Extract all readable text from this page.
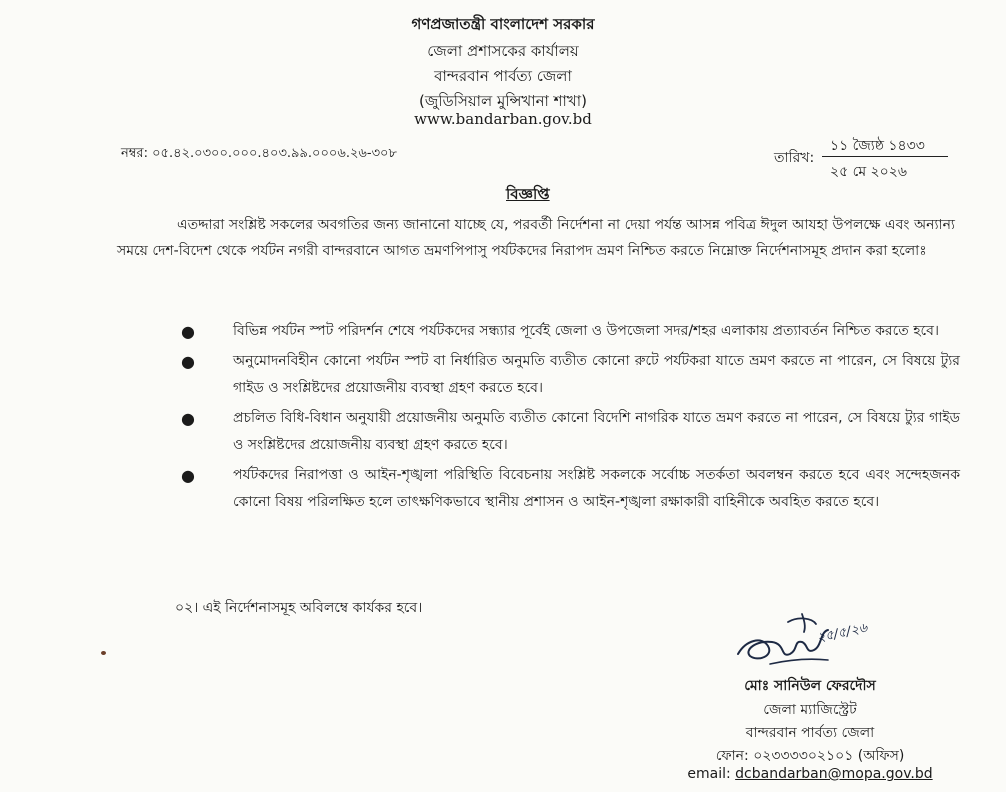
গণপ্রজাতন্ত্রী বাংলাদেশ সরকার
জেলা প্রশাসকের কার্যালয়
বান্দরবান পার্বত্য জেলা
(জুডিসিয়াল মুন্সিখানা শাখা)
www.bandarban.gov.bd
নম্বর: ০৫.৪২.০৩০০.০০০.৪০৩.৯৯.০০০৬.২৬-৩০৮	তারিখ:
১১ জ্যৈষ্ঠ ১৪৩৩
২৫ মে ২০২৬
বিজ্ঞপ্তি
এতদ্দারা সংশ্লিষ্ট সকলের অবগতির জন্য জানানো যাচ্ছে যে, পরবর্তী নির্দেশনা না দেয়া পর্যন্ত আসন্ন পবিত্র ঈদুল আযহা উপলক্ষে এবং অন্যান্য সময়ে দেশ-বিদেশ থেকে পর্যটন নগরী বান্দরবানে আগত ভ্রমণপিপাসু পর্যটকদের নিরাপদ ভ্রমণ নিশ্চিত করতে নিম্নোক্ত নির্দেশনাসমূহ প্রদান করা হলোঃ
●	বিভিন্ন পর্যটন স্পট পরিদর্শন শেষে পর্যটকদের সন্ধ্যার পূর্বেই জেলা ও উপজেলা সদর/শহর এলাকায় প্রত্যাবর্তন নিশ্চিত করতে হবে।
●	অনুমোদনবিহীন কোনো পর্যটন স্পট বা নির্ধারিত অনুমতি ব্যতীত কোনো রুটে পর্যটকরা যাতে ভ্রমণ করতে না পারেন, সে বিষয়ে ট্যুর গাইড ও সংশ্লিষ্টদের প্রয়োজনীয় ব্যবস্থা গ্রহণ করতে হবে।
●	প্রচলিত বিধি-বিধান অনুযায়ী প্রয়োজনীয় অনুমতি ব্যতীত কোনো বিদেশি নাগরিক যাতে ভ্রমণ করতে না পারেন, সে বিষয়ে ট্যুর গাইড ও সংশ্লিষ্টদের প্রয়োজনীয় ব্যবস্থা গ্রহণ করতে হবে।
●	পর্যটকদের নিরাপত্তা ও আইন-শৃঙ্খলা পরিস্থিতি বিবেচনায় সংশ্লিষ্ট সকলকে সর্বোচ্চ সতর্কতা অবলম্বন করতে হবে এবং সন্দেহজনক কোনো বিষয় পরিলক্ষিত হলে তাৎক্ষণিকভাবে স্থানীয় প্রশাসন ও আইন-শৃঙ্খলা রক্ষাকারী বাহিনীকে অবহিত করতে হবে।
০২। এই নির্দেশনাসমূহ অবিলম্বে কার্যকর হবে।
২৫/৫/২৬
মোঃ সানিউল ফেরদৌস
জেলা ম্যাজিস্ট্রেট
বান্দরবান পার্বত্য জেলা
ফোন: ০২৩৩৩৩০২১০১ (অফিস)
email: dcbandarban@mopa.gov.bd
